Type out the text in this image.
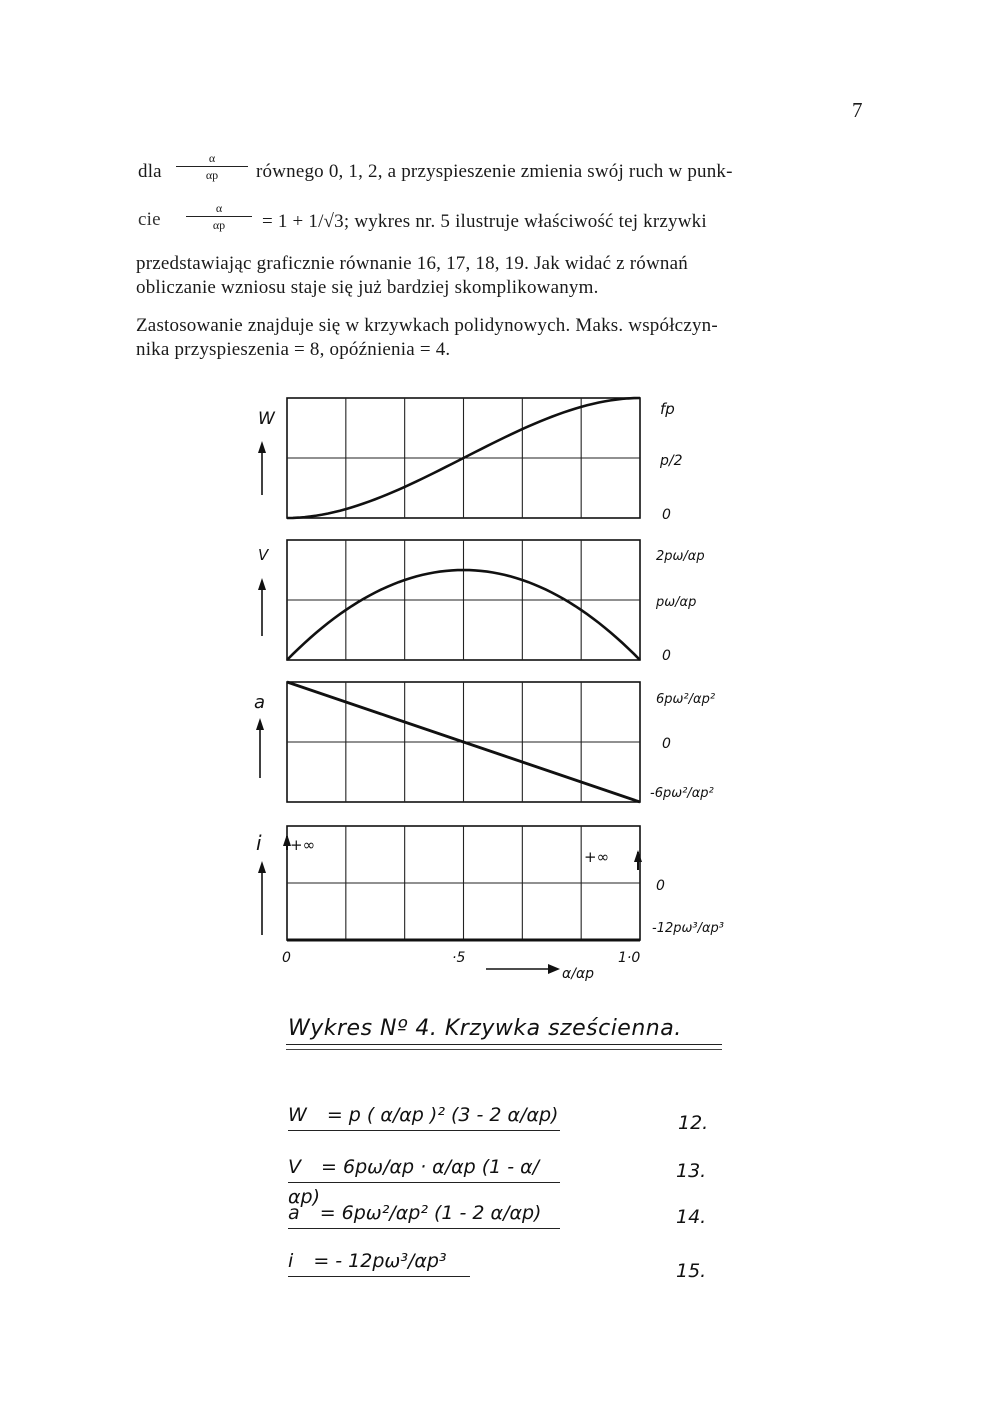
7
dla
α
αp	równego 0, 1, 2, a przyspieszenie zmienia swój ruch w punk-
cie
α
αp	= 1 + 1/√3; wykres nr. 5 ilustruje właściwość tej krzywki
przedstawiając graficznie równanie 16, 17, 18, 19. Jak widać z równań
obliczanie wzniosu staje się już bardziej skomplikowanym.
Zastosowanie znajduje się w krzywkach polidynowych. Maks. współczyn-
nika przyspieszenia = 8, opóźnienia = 4.
W
V
a
i
fp
p/2
0
2pω/αp
pω/αp
0
6pω²/αp²
0
-6pω²/αp²
0
-12pω³/αp³
+∞
+∞
0	·5	1·0
α/αp
Wykres Nº 4. Krzywka sześcienna.
W = p ( α/αp )² (3 - 2 α/αp)	12.
V = 6pω/αp · α/αp (1 - α/αp)
13.
a = 6pω²/αp² (1 - 2 α/αp)	14.
i = - 12pω³/αp³	15.
